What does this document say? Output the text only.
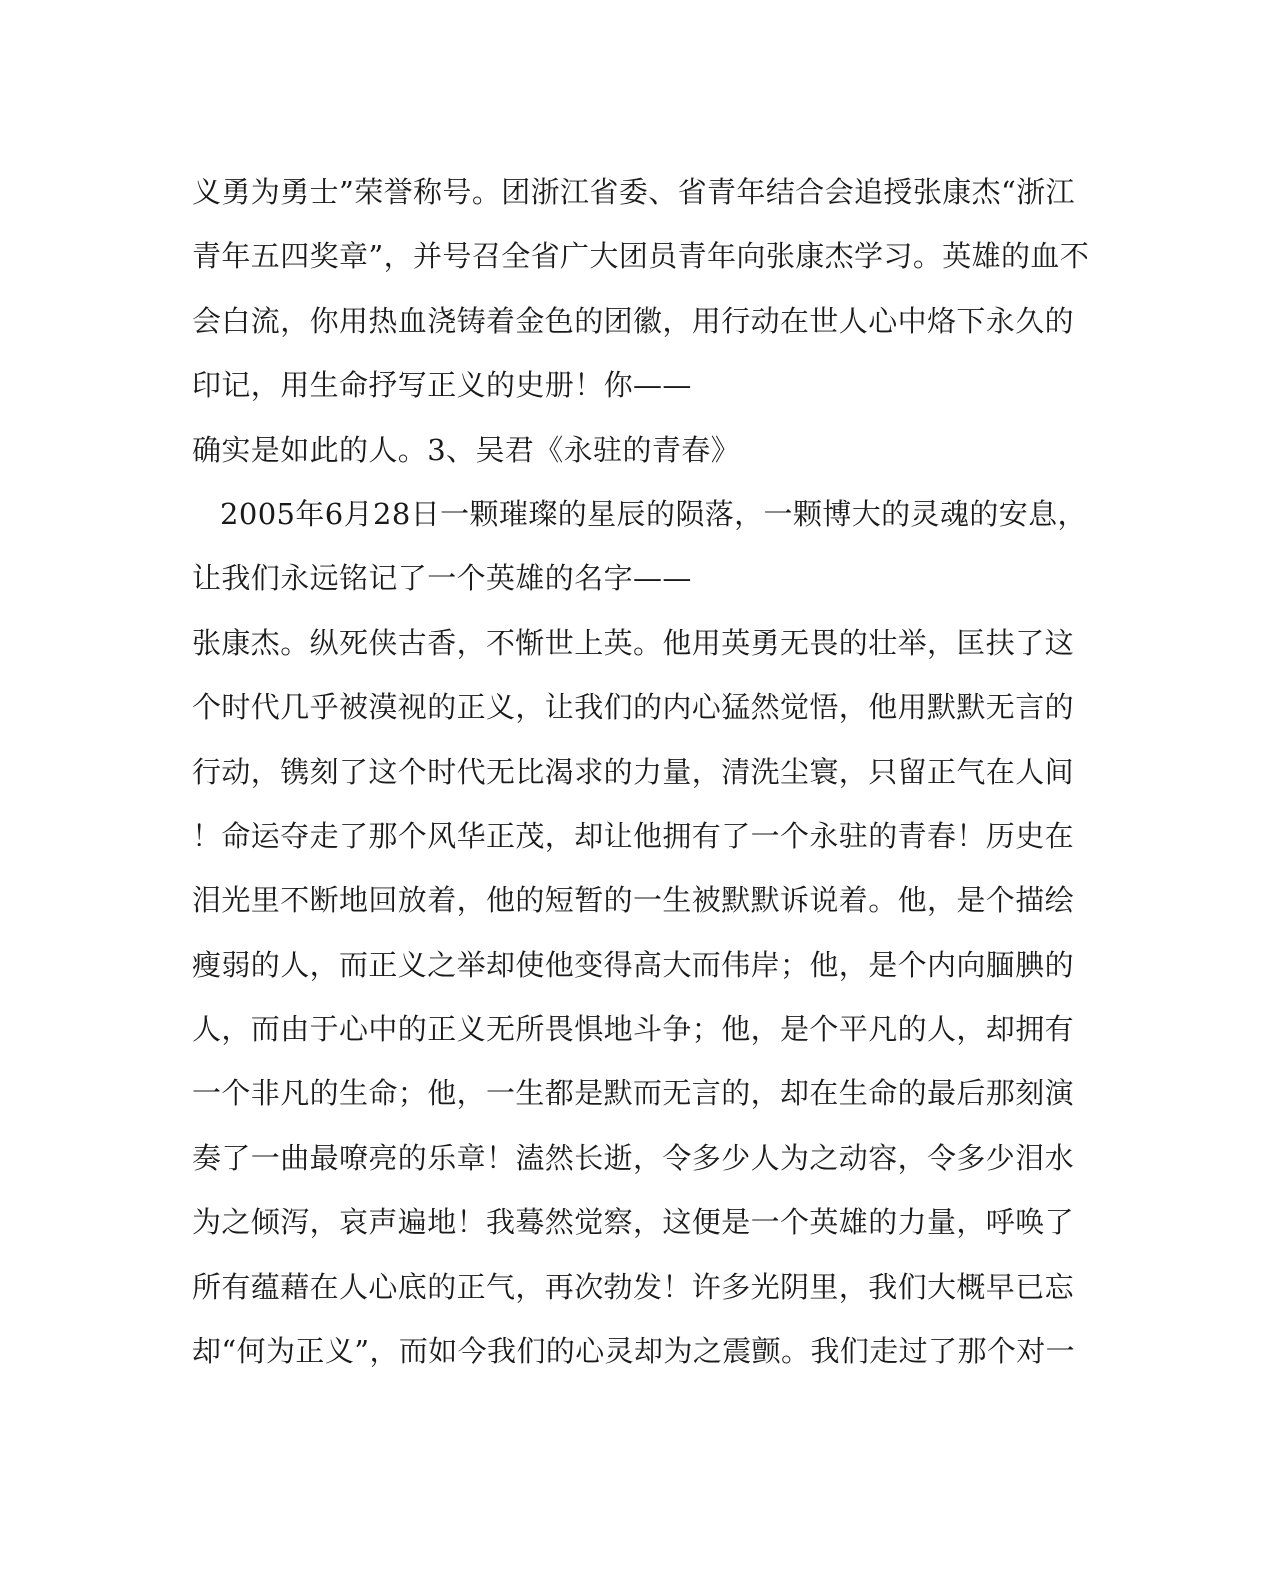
义勇为勇士”荣誉称号。团浙江省委、省青年结合会追授张康杰“浙江
青年五四奖章”，并号召全省广大团员青年向张康杰学习。英雄的血不
会白流，你用热血浇铸着金色的团徽，用行动在世人心中烙下永久的
印记，用生命抒写正义的史册！你——
确实是如此的人。3、吴君《永驻的青春》
2005年6月28日一颗璀璨的星辰的陨落，一颗博大的灵魂的安息，
让我们永远铭记了一个英雄的名字——
张康杰。纵死侠古香，不惭世上英。他用英勇无畏的壮举，匡扶了这
个时代几乎被漠视的正义，让我们的内心猛然觉悟，他用默默无言的
行动，镌刻了这个时代无比渴求的力量，清洗尘寰，只留正气在人间
！命运夺走了那个风华正茂，却让他拥有了一个永驻的青春！历史在
泪光里不断地回放着，他的短暂的一生被默默诉说着。他，是个描绘
瘦弱的人，而正义之举却使他变得高大而伟岸；他，是个内向腼腆的
人，而由于心中的正义无所畏惧地斗争；他，是个平凡的人，却拥有
一个非凡的生命；他，一生都是默而无言的，却在生命的最后那刻演
奏了一曲最嘹亮的乐章！溘然长逝，令多少人为之动容，令多少泪水
为之倾泻，哀声遍地！我蓦然觉察，这便是一个英雄的力量，呼唤了
所有蕴藉在人心底的正气，再次勃发！许多光阴里，我们大概早已忘
却“何为正义”，而如今我们的心灵却为之震颤。我们走过了那个对一
